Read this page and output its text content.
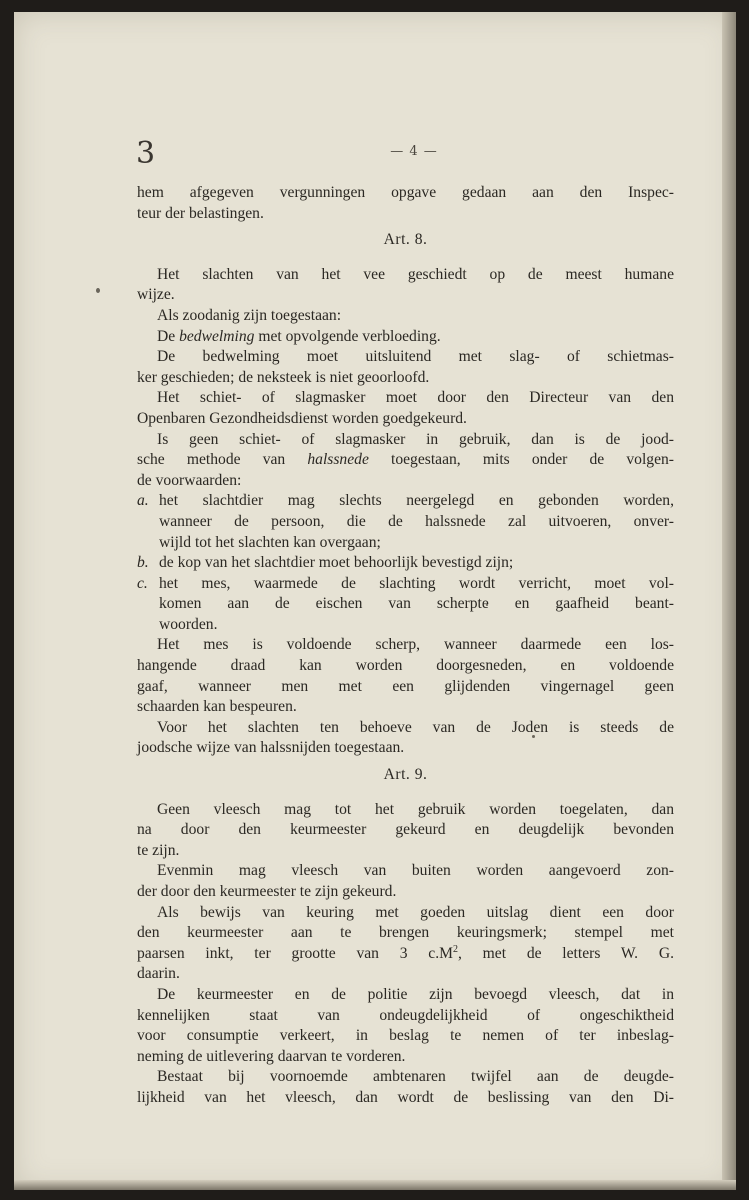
3	— 4 —
hem afgegeven vergunningen opgave gedaan aan den Inspec-
teur der belastingen.
Art. 8.
Het slachten van het vee geschiedt op de meest humane
wijze.
Als zoodanig zijn toegestaan:
De bedwelming met opvolgende verbloeding.
De bedwelming moet uitsluitend met slag- of schietmas-
ker geschieden; de neksteek is niet geoorloofd.
Het schiet- of slagmasker moet door den Directeur van den
Openbaren Gezondheidsdienst worden goedgekeurd.
Is geen schiet- of slagmasker in gebruik, dan is de jood-
sche methode van halssnede toegestaan, mits onder de volgen-
de voorwaarden:
a. het slachtdier mag slechts neergelegd en gebonden worden,
wanneer de persoon, die de halssnede zal uitvoeren, onver-
wijld tot het slachten kan overgaan;
b. de kop van het slachtdier moet behoorlijk bevestigd zijn;
c. het mes, waarmede de slachting wordt verricht, moet vol-
komen aan de eischen van scherpte en gaafheid beant-
woorden.
Het mes is voldoende scherp, wanneer daarmede een los-
hangende draad kan worden doorgesneden, en voldoende
gaaf, wanneer men met een glijdenden vingernagel geen
schaarden kan bespeuren.
Voor het slachten ten behoeve van de Joden is steeds de
joodsche wijze van halssnijden toegestaan.
Art. 9.
Geen vleesch mag tot het gebruik worden toegelaten, dan
na door den keurmeester gekeurd en deugdelijk bevonden
te zijn.
Evenmin mag vleesch van buiten worden aangevoerd zon-
der door den keurmeester te zijn gekeurd.
Als bewijs van keuring met goeden uitslag dient een door
den keurmeester aan te brengen keuringsmerk; stempel met
paarsen inkt, ter grootte van 3 $c.M^2$, met de letters W. G.
daarin.
De keurmeester en de politie zijn bevoegd vleesch, dat in
kennelijken staat van ondeugdelijkheid of ongeschiktheid
voor consumptie verkeert, in beslag te nemen of ter inbeslag-
neming de uitlevering daarvan te vorderen.
Bestaat bij voornoemde ambtenaren twijfel aan de deugde-
lijkheid van het vleesch, dan wordt de beslissing van den Di-
